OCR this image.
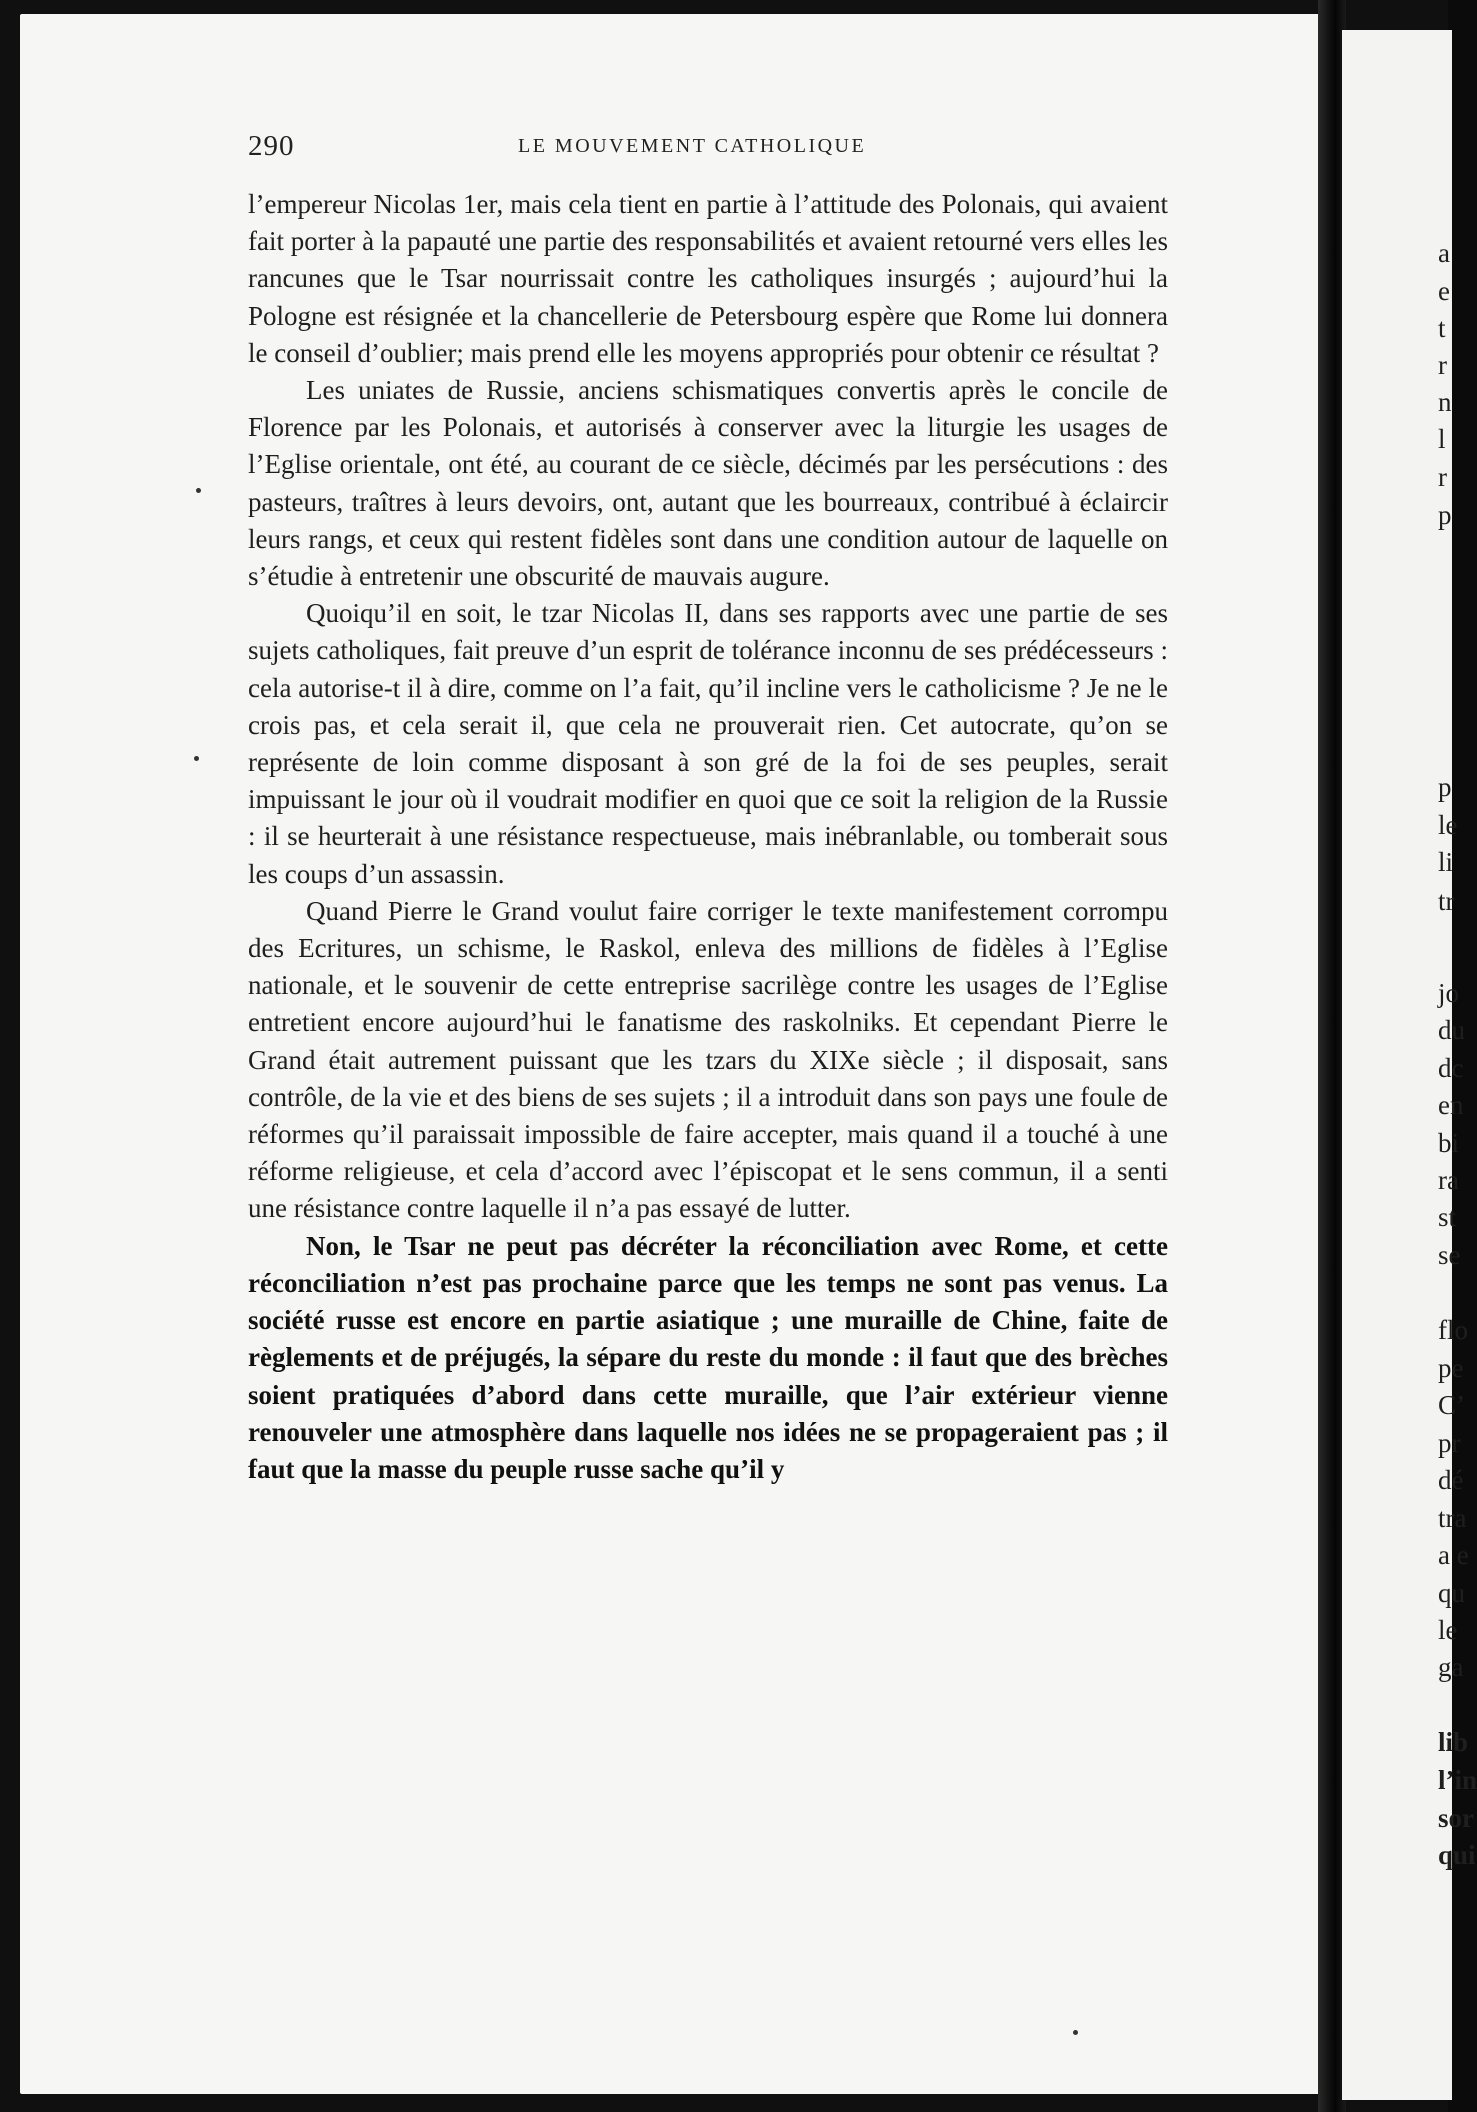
290	LE MOUVEMENT CATHOLIQUE

l’empereur Nicolas 1er, mais cela tient en partie à l’attitude des Polonais, qui avaient fait porter à la papauté une partie des responsabilités et avaient retourné vers elles les rancunes que le Tsar nourrissait contre les catholiques insurgés ; aujourd’hui la Pologne est résignée et la chancellerie de Petersbourg espère que Rome lui donnera le conseil d’oublier; mais prend elle les moyens appropriés pour obtenir ce résultat ?

Les uniates de Russie, anciens schismatiques convertis après le concile de Florence par les Polonais, et autorisés à conserver avec la liturgie les usages de l’Eglise orientale, ont été, au courant de ce siècle, décimés par les persécutions : des pasteurs, traîtres à leurs devoirs, ont, autant que les bourreaux, contribué à éclaircir leurs rangs, et ceux qui restent fidèles sont dans une condition autour de laquelle on s’étudie à entretenir une obscurité de mauvais augure.

Quoiqu’il en soit, le tzar Nicolas II, dans ses rapports avec une partie de ses sujets catholiques, fait preuve d’un esprit de tolérance inconnu de ses prédécesseurs : cela autorise-t il à dire, comme on l’a fait, qu’il incline vers le catholicisme ? Je ne le crois pas, et cela serait il, que cela ne prouverait rien. Cet autocrate, qu’on se représente de loin comme disposant à son gré de la foi de ses peuples, serait impuissant le jour où il voudrait modifier en quoi que ce soit la religion de la Russie : il se heurterait à une résistance respectueuse, mais inébranlable, ou tomberait sous les coups d’un assassin.

Quand Pierre le Grand voulut faire corriger le texte manifestement corrompu des Ecritures, un schisme, le Raskol, enleva des millions de fidèles à l’Eglise nationale, et le souvenir de cette entreprise sacrilège contre les usages de l’Eglise entretient encore aujourd’hui le fanatisme des raskolniks. Et cependant Pierre le Grand était autrement puissant que les tzars du XIXe siècle ; il disposait, sans contrôle, de la vie et des biens de ses sujets ; il a introduit dans son pays une foule de réformes qu’il paraissait impossible de faire accepter, mais quand il a touché à une réforme religieuse, et cela d’accord avec l’épiscopat et le sens commun, il a senti une résistance contre laquelle il n’a pas essayé de lutter.

Non, le Tsar ne peut pas décréter la réconciliation avec Rome, et cette réconciliation n’est pas prochaine parce que les temps ne sont pas venus. La société russe est encore en partie asiatique ; une muraille de Chine, faite de règlements et de préjugés, la sépare du reste du monde : il faut que des brèches soient pratiquées d’abord dans cette muraille, que l’air extérieur vienne renouveler une atmosphère dans laquelle nos idées ne se propageraient pas ; il faut que la masse du peuple russe sache qu’il y

a
e
t
r
n
l
r
p
p
le
li
tr
jo
du
dc
en
bi
ra
st
se
flo
pe
C’
pr
dé
tra
a e
qu
le
ga
lib
l’in
sor
qui
